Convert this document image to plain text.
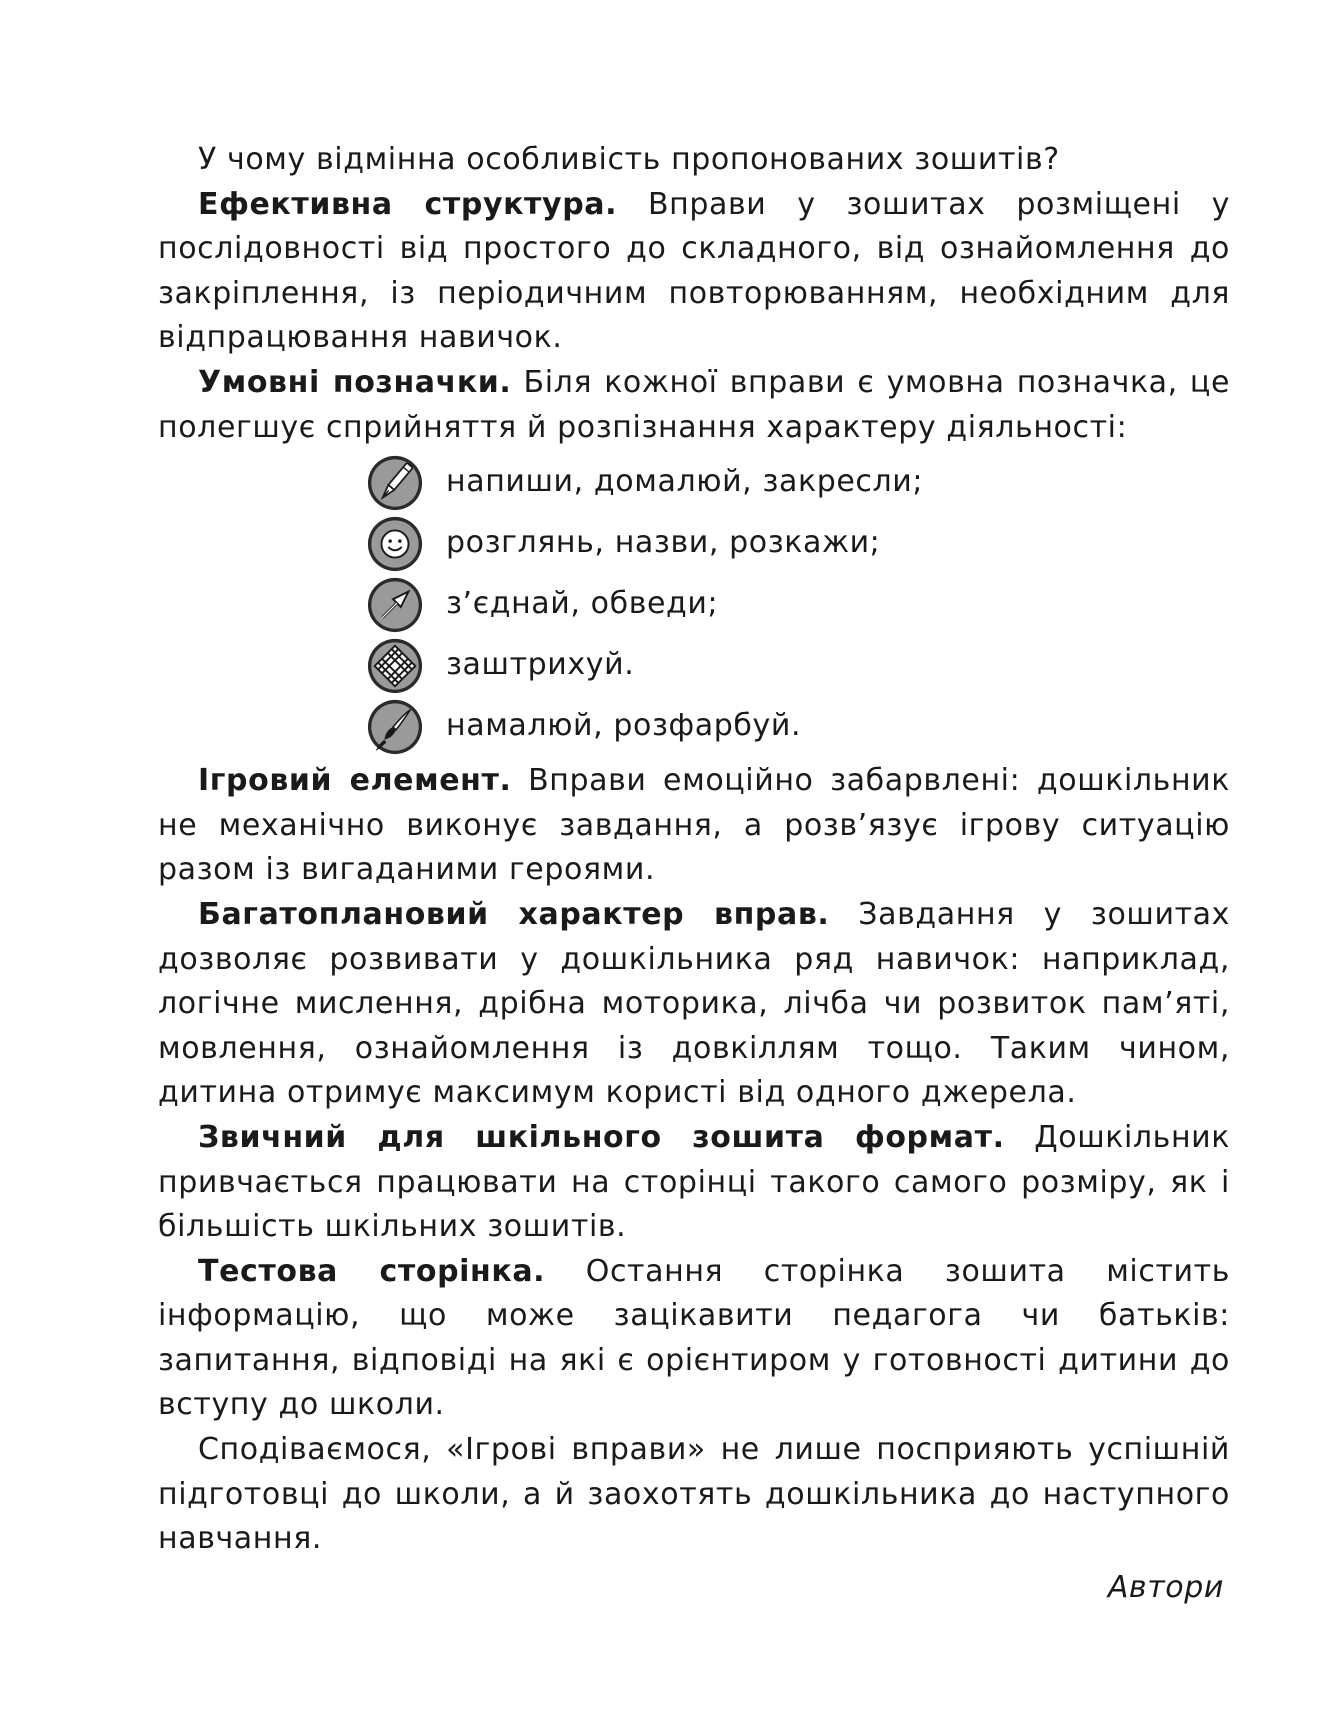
У чому відмінна особливість пропонованих зошитів?

Ефективна структура. Вправи у зошитах розміщені у послідовності від простого до складного, від ознайомлення до закріплення, із періодичним повторюванням, необхідним для відпрацювання навичок.

Умовні позначки. Біля кожної вправи є умовна позначка, це полегшує сприйняття й розпізнання характеру діяльності:

напиши, домалюй, закресли;
розглянь, назви, розкажи;
з’єднай, обведи;
заштрихуй.
намалюй, розфарбуй.

Ігровий елемент. Вправи емоційно забарвлені: дошкільник не механічно виконує завдання, а розв’язує ігрову ситуацію разом із вигаданими героями.

Багатоплановий характер вправ. Завдання у зошитах дозволяє розвивати у дошкільника ряд навичок: наприклад, логічне мислення, дрібна моторика, лічба чи розвиток пам’яті, мовлення, ознайомлення із довкіллям тощо. Таким чином, дитина отримує максимум користі від одного джерела.

Звичний для шкільного зошита формат. Дошкільник привчається працювати на сторінці такого самого розміру, як і більшість шкільних зошитів.

Тестова сторінка. Остання сторінка зошита містить інформацію, що може зацікавити педагога чи батьків: запитання, відповіді на які є орієнтиром у готовності дитини до вступу до школи.

Сподіваємося, «Ігрові вправи» не лише посприяють успішній підготовці до школи, а й заохотять дошкільника до наступного навчання.

Автори
